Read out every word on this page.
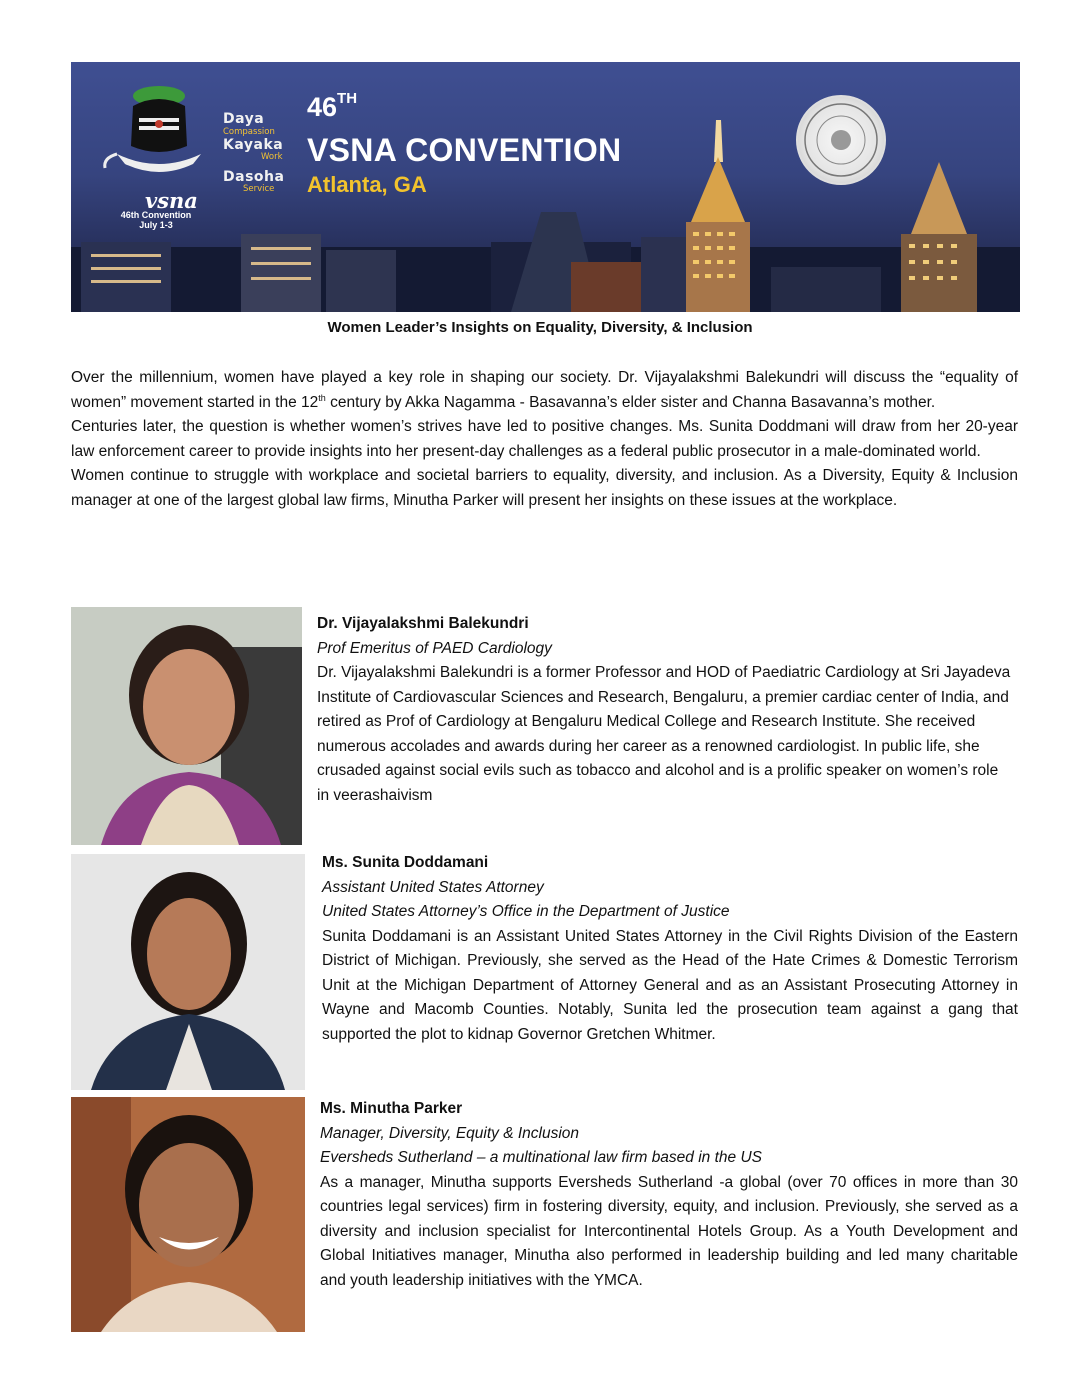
Daya
Compassion
Kayaka
Work
Dasoha
Service
vsna
46th Convention
July 1-3
46TH
VSNA CONVENTION
Atlanta, GA
Women Leader’s Insights on Equality, Diversity, & Inclusion

Over the millennium, women have played a key role in shaping our society. Dr. Vijayalakshmi Balekundri will discuss the “equality of women” movement started in the 12th century by Akka Nagamma - Basavanna’s elder sister and Channa Basavanna’s mother.

Centuries later, the question is whether women’s strives have led to positive changes. Ms. Sunita Doddmani will draw from her 20-year law enforcement career to provide insights into her present-day challenges as a federal public prosecutor in a male-dominated world.

Women continue to struggle with workplace and societal barriers to equality, diversity, and inclusion. As a Diversity, Equity & Inclusion manager at one of the largest global law firms, Minutha Parker will present her insights on these issues at the workplace.

Dr. Vijayalakshmi Balekundri

Prof Emeritus of PAED Cardiology

Dr. Vijayalakshmi Balekundri is a former Professor and HOD of Paediatric Cardiology at Sri Jayadeva Institute of Cardiovascular Sciences and Research, Bengaluru, a premier cardiac center of India, and retired as Prof of Cardiology at Bengaluru Medical College and Research Institute. She received numerous accolades and awards during her career as a renowned cardiologist. In public life, she crusaded against social evils such as tobacco and alcohol and is a prolific speaker on women’s role in veerashaivism

Ms. Sunita Doddamani

Assistant United States Attorney

United States Attorney’s Office in the Department of Justice

Sunita Doddamani is an Assistant United States Attorney in the Civil Rights Division of the Eastern District of Michigan. Previously, she served as the Head of the Hate Crimes & Domestic Terrorism Unit at the Michigan Department of Attorney General and as an Assistant Prosecuting Attorney in Wayne and Macomb Counties. Notably, Sunita led the prosecution team against a gang that supported the plot to kidnap Governor Gretchen Whitmer.

Ms. Minutha Parker

Manager, Diversity, Equity & Inclusion

Eversheds Sutherland – a multinational law firm based in the US

As a manager, Minutha supports Eversheds Sutherland -a global (over 70 offices in more than 30 countries legal services) firm in fostering diversity, equity, and inclusion. Previously, she served as a diversity and inclusion specialist for Intercontinental Hotels Group. As a Youth Development and Global Initiatives manager, Minutha also performed in leadership building and led many charitable and youth leadership initiatives with the YMCA.
